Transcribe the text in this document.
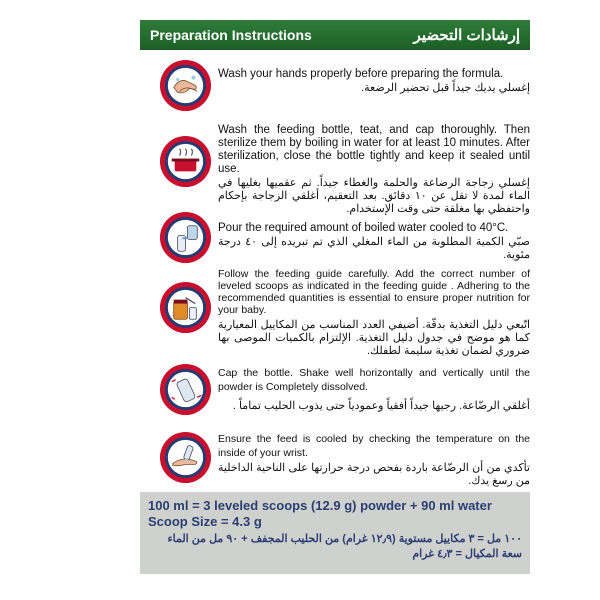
Preparation Instructions	إرشادات التحضير
Wash your hands properly before preparing the formula.
إغسلي يديك جيداً قبل تحضير الرضعة.
Wash the feeding bottle, teat, and cap thoroughly. Then sterilize them by boiling in water for at least 10 minutes. After sterilization, close the bottle tightly and keep it sealed until use.
إغسلي زجاجة الرضاعة والحلمة والغطاء جيداً. ثم عقميها بغليها في الماء لمدة لا تقل عن ١٠ دقائق. بعد التعقيم، أغلقي الزجاجة بإحكام واحتفظي بها مغلقة حتى وقت الإستخدام.
Pour the required amount of boiled water cooled to 40°C.
صبّي الكمية المطلوبة من الماء المغلي الذي تم تبريده إلى ٤٠ درجة مئوية.
Follow the feeding guide carefully. Add the correct number of leveled scoops as indicated in the feeding guide . Adhering to the recommended quantities is essential to ensure proper nutrition for your baby.
اتّبعي دليل التغذية بدقّة. أضيفي العدد المناسب من المكاييل المعيارية كما هو موضح في جدول دليل التغذية. الإلتزام بالكميات الموصى بها ضروري لضمان تغذية سليمة لطفلك.
Cap the bottle. Shake well horizontally and vertically until the powder is Completely dissolved.
أغلقي الرضّاعة. رجيها جيداً أفقياً وعمودياً حتى يذوب الحليب تماماً .
Ensure the feed is cooled by checking the temperature on the inside of your wrist.
تأكدي من أن الرضّاعة باردة بفحص درجة حرارتها على الناحية الداخلية من رسغ يدك.
100 ml = 3 leveled scoops (12.9 g) powder + 90 ml water
Scoop Size = 4.3 g
١٠٠ مل = ٣ مكاييل مستوية (١٢٫٩ غرام) من الحليب المجفف + ٩٠ مل من الماء
سعة المكيال = ٤٫٣ غرام
